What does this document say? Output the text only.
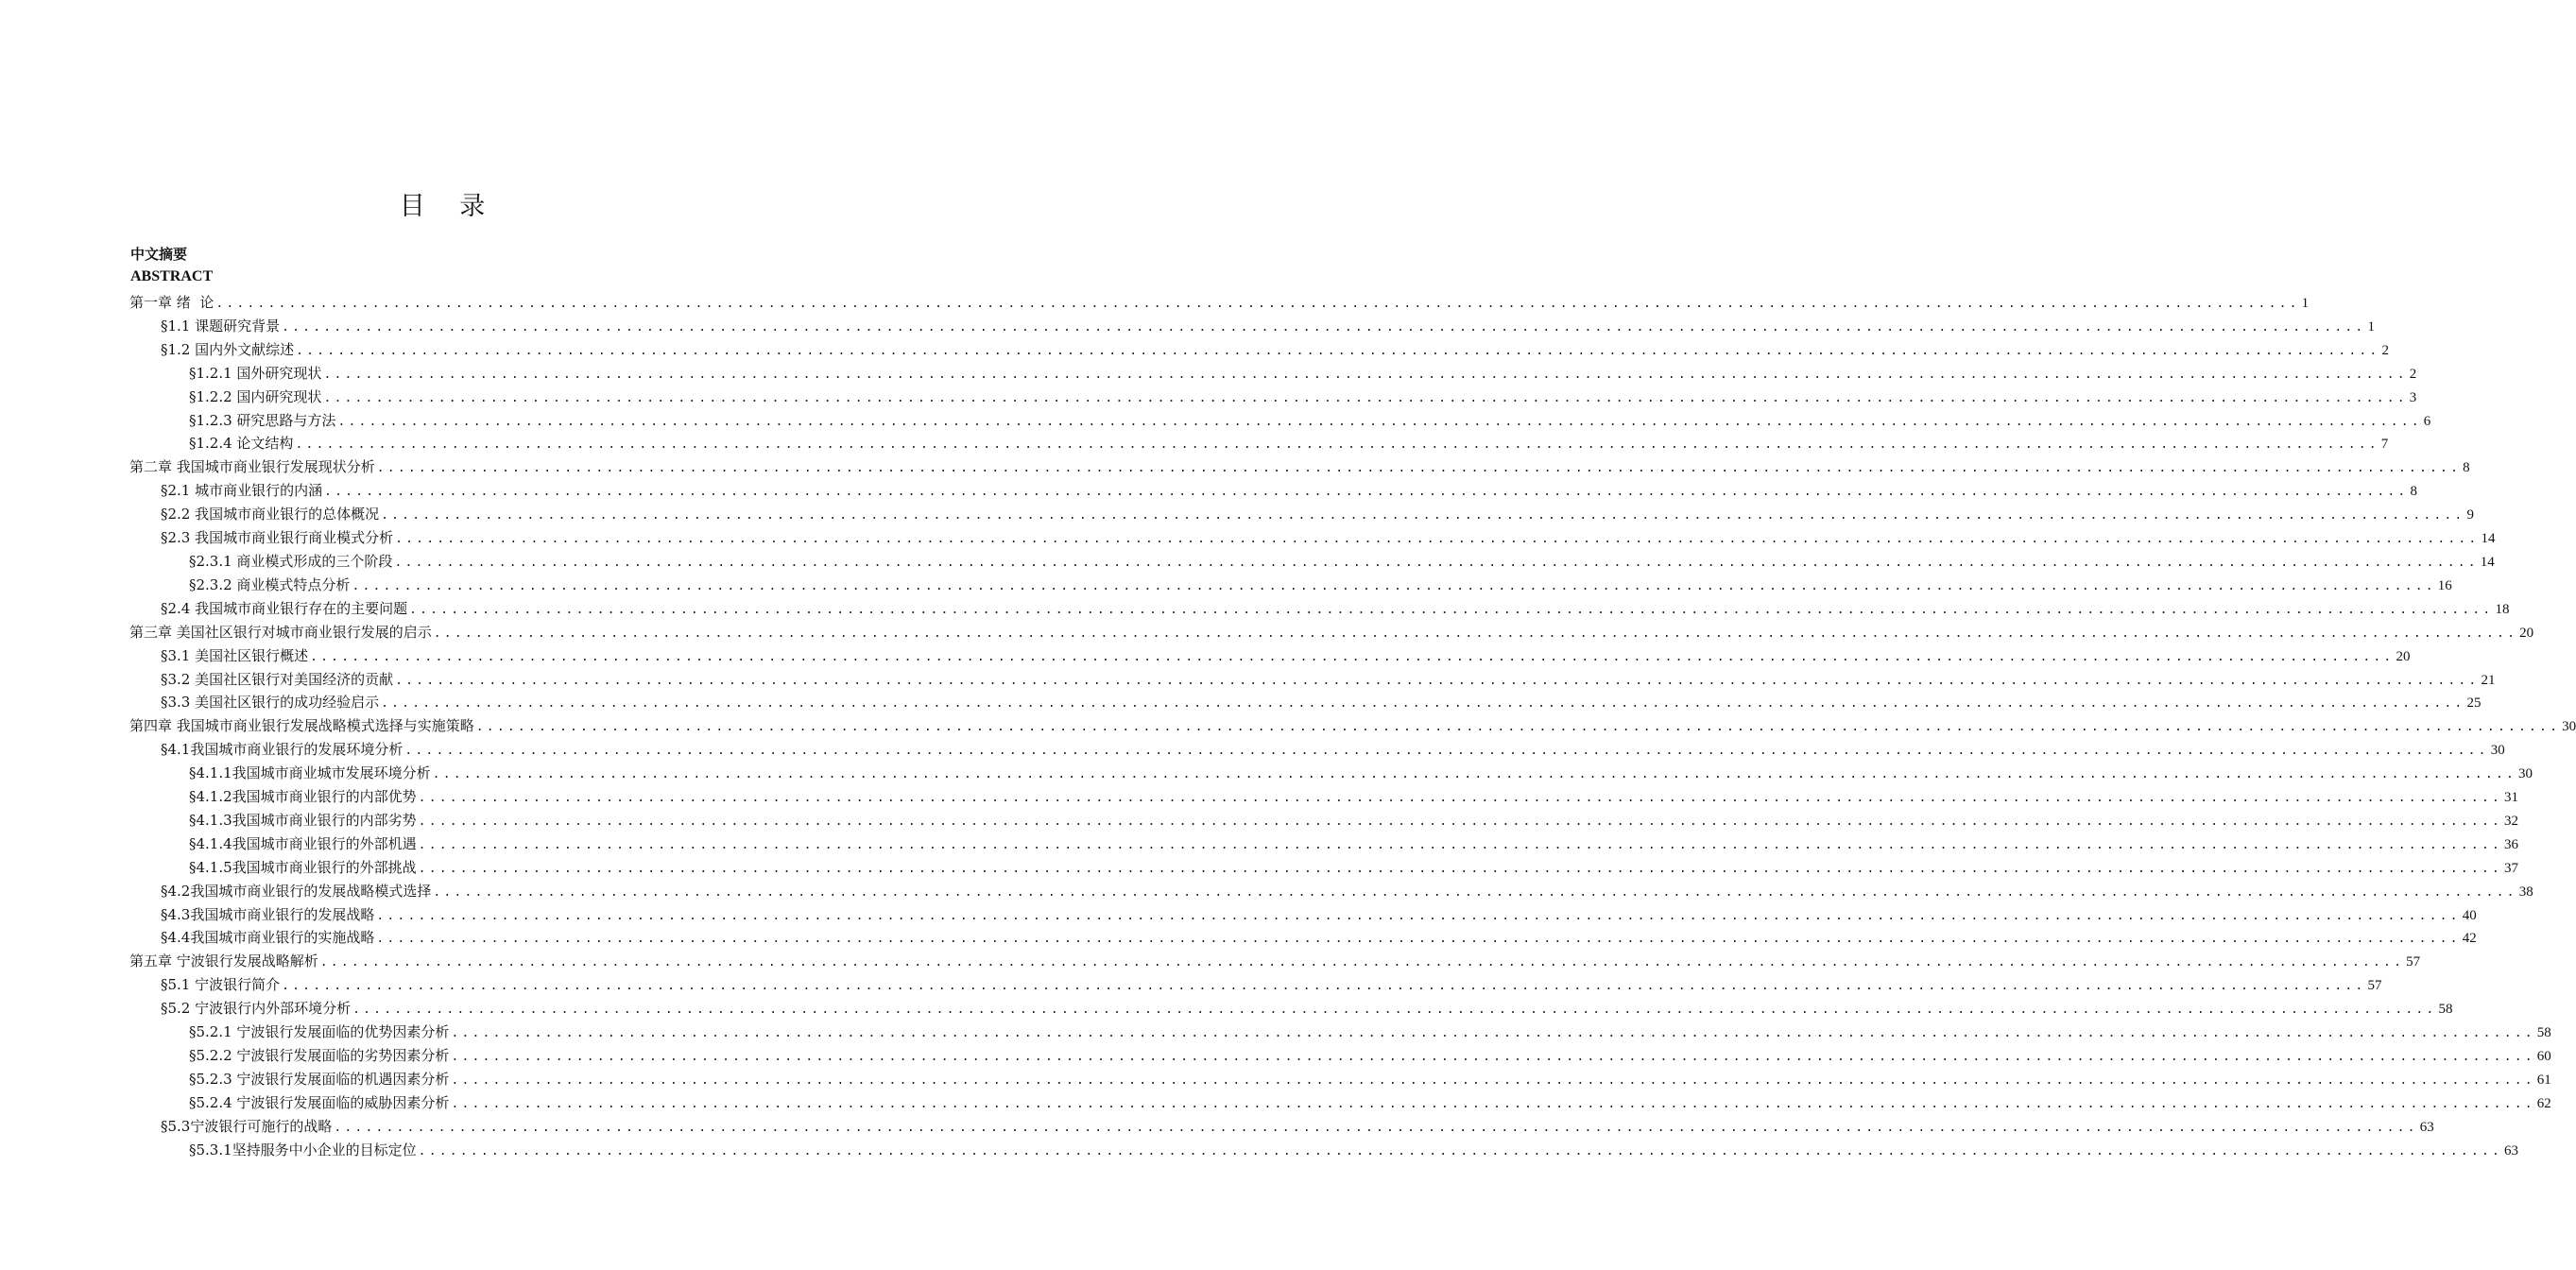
目 录
中文摘要
ABSTRACT
第一章 绪  论 ........................................................................................................................................................................................................ 1
§1.1 课题研究背景 ........................................................................................................................................................................................................ 1
§1.2 国内外文献综述 ........................................................................................................................................................................................................ 2
§1.2.1 国外研究现状 ........................................................................................................................................................................................................ 2
§1.2.2 国内研究现状 ........................................................................................................................................................................................................ 3
§1.2.3 研究思路与方法 ........................................................................................................................................................................................................ 6
§1.2.4 论文结构 ........................................................................................................................................................................................................ 7
第二章 我国城市商业银行发展现状分析 ........................................................................................................................................................................................................ 8
§2.1 城市商业银行的内涵 ........................................................................................................................................................................................................ 8
§2.2 我国城市商业银行的总体概况 ........................................................................................................................................................................................................ 9
§2.3 我国城市商业银行商业模式分析 ........................................................................................................................................................................................................ 14
§2.3.1 商业模式形成的三个阶段 ........................................................................................................................................................................................................ 14
§2.3.2 商业模式特点分析 ........................................................................................................................................................................................................ 16
§2.4 我国城市商业银行存在的主要问题 ........................................................................................................................................................................................................ 18
第三章 美国社区银行对城市商业银行发展的启示 ........................................................................................................................................................................................................ 20
§3.1 美国社区银行概述 ........................................................................................................................................................................................................ 20
§3.2 美国社区银行对美国经济的贡献 ........................................................................................................................................................................................................ 21
§3.3 美国社区银行的成功经验启示 ........................................................................................................................................................................................................ 25
第四章 我国城市商业银行发展战略模式选择与实施策略 ........................................................................................................................................................................................................ 30
§4.1我国城市商业银行的发展环境分析 ........................................................................................................................................................................................................ 30
§4.1.1我国城市商业城市发展环境分析 ........................................................................................................................................................................................................ 30
§4.1.2我国城市商业银行的内部优势 ........................................................................................................................................................................................................ 31
§4.1.3我国城市商业银行的内部劣势 ........................................................................................................................................................................................................ 32
§4.1.4我国城市商业银行的外部机遇 ........................................................................................................................................................................................................ 36
§4.1.5我国城市商业银行的外部挑战 ........................................................................................................................................................................................................ 37
§4.2我国城市商业银行的发展战略模式选择 ........................................................................................................................................................................................................ 38
§4.3我国城市商业银行的发展战略 ........................................................................................................................................................................................................ 40
§4.4我国城市商业银行的实施战略 ........................................................................................................................................................................................................ 42
第五章 宁波银行发展战略解析 ........................................................................................................................................................................................................ 57
§5.1 宁波银行简介 ........................................................................................................................................................................................................ 57
§5.2 宁波银行内外部环境分析 ........................................................................................................................................................................................................ 58
§5.2.1 宁波银行发展面临的优势因素分析 ........................................................................................................................................................................................................ 58
§5.2.2 宁波银行发展面临的劣势因素分析 ........................................................................................................................................................................................................ 60
§5.2.3 宁波银行发展面临的机遇因素分析 ........................................................................................................................................................................................................ 61
§5.2.4 宁波银行发展面临的威胁因素分析 ........................................................................................................................................................................................................ 62
§5.3宁波银行可施行的战略 ........................................................................................................................................................................................................ 63
§5.3.1坚持服务中小企业的目标定位 ........................................................................................................................................................................................................ 63
